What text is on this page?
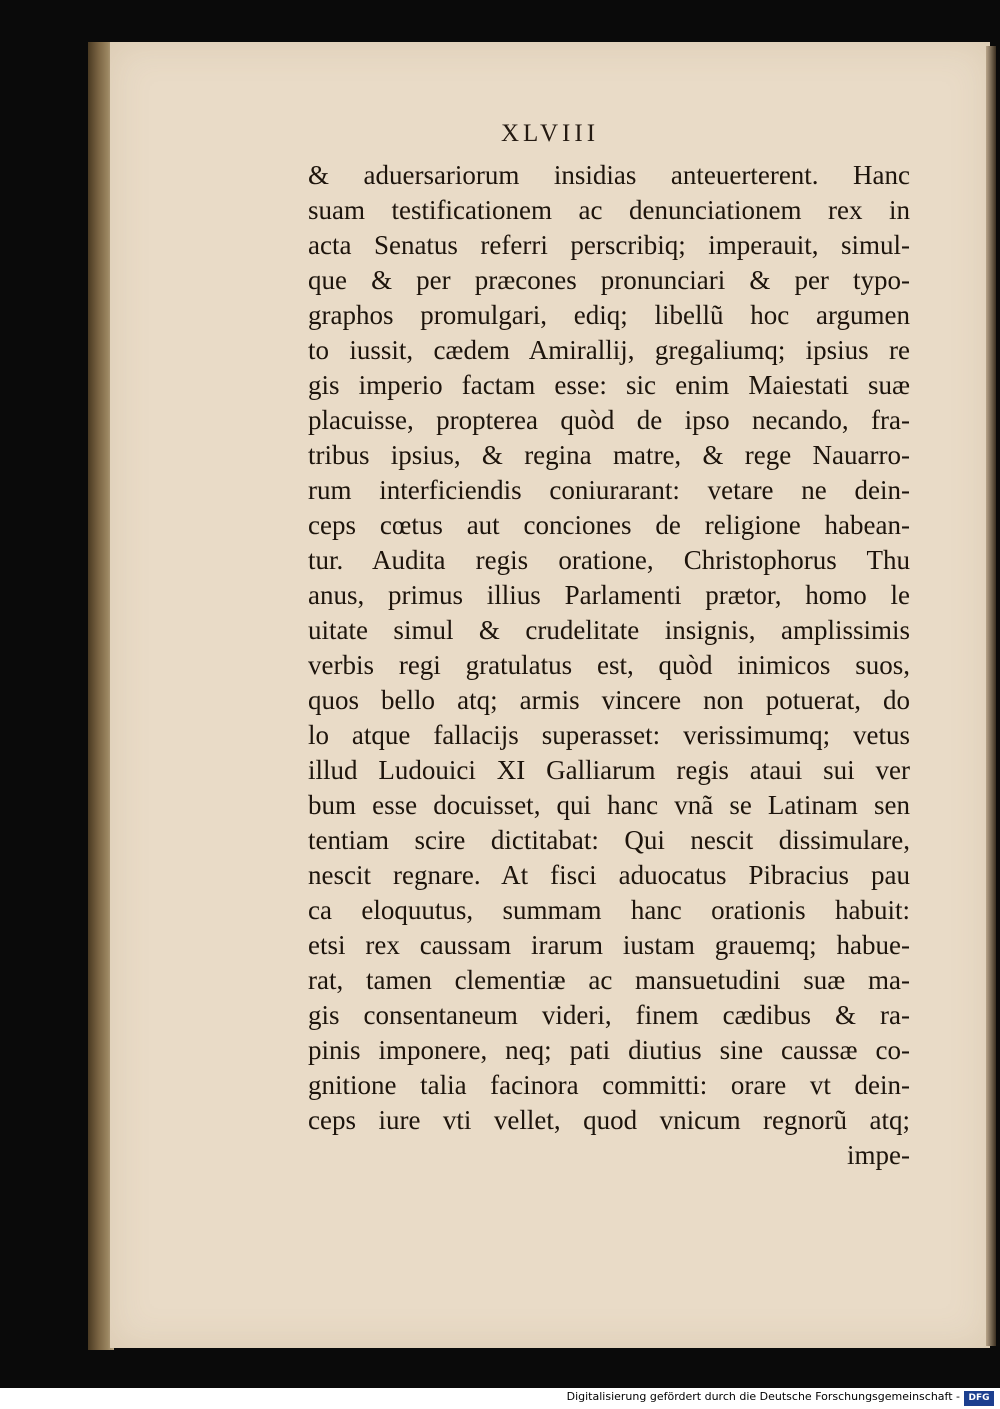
XLVIII
& aduersariorum insidias anteuerterent. Hanc
suam testificationem ac denunciationem rex in
acta Senatus referri perscribiq; imperauit, simul-
que & per præcones pronunciari & per typo-
graphos promulgari, ediq; libellũ hoc argumen
to iussit, cædem Amirallij, gregaliumq; ipsius re
gis imperio factam esse: sic enim Maiestati suæ
placuisse, propterea quòd de ipso necando, fra-
tribus ipsius, & regina matre, & rege Nauarro-
rum interficiendis coniurarant: vetare ne dein-
ceps cœtus aut conciones de religione habean-
tur. Audita regis oratione, Christophorus Thu
anus, primus illius Parlamenti prætor, homo le
uitate simul & crudelitate insignis, amplissimis
verbis regi gratulatus est, quòd inimicos suos,
quos bello atq; armis vincere non potuerat, do
lo atque fallacijs superasset: verissimumq; vetus
illud Ludouici XI Galliarum regis ataui sui ver
bum esse docuisset, qui hanc vnã se Latinam sen
tentiam scire dictitabat: Qui nescit dissimulare,
nescit regnare. At fisci aduocatus Pibracius pau
ca eloquutus, summam hanc orationis habuit:
etsi rex caussam irarum iustam grauemq; habue-
rat, tamen clementiæ ac mansuetudini suæ ma-
gis consentaneum videri, finem cædibus & ra-
pinis imponere, neq; pati diutius sine caussæ co-
gnitione talia facinora committi: orare vt dein-
ceps iure vti vellet, quod vnicum regnorũ atq;
impe-
Digitalisierung gefördert durch die Deutsche Forschungsgemeinschaft - DFG
